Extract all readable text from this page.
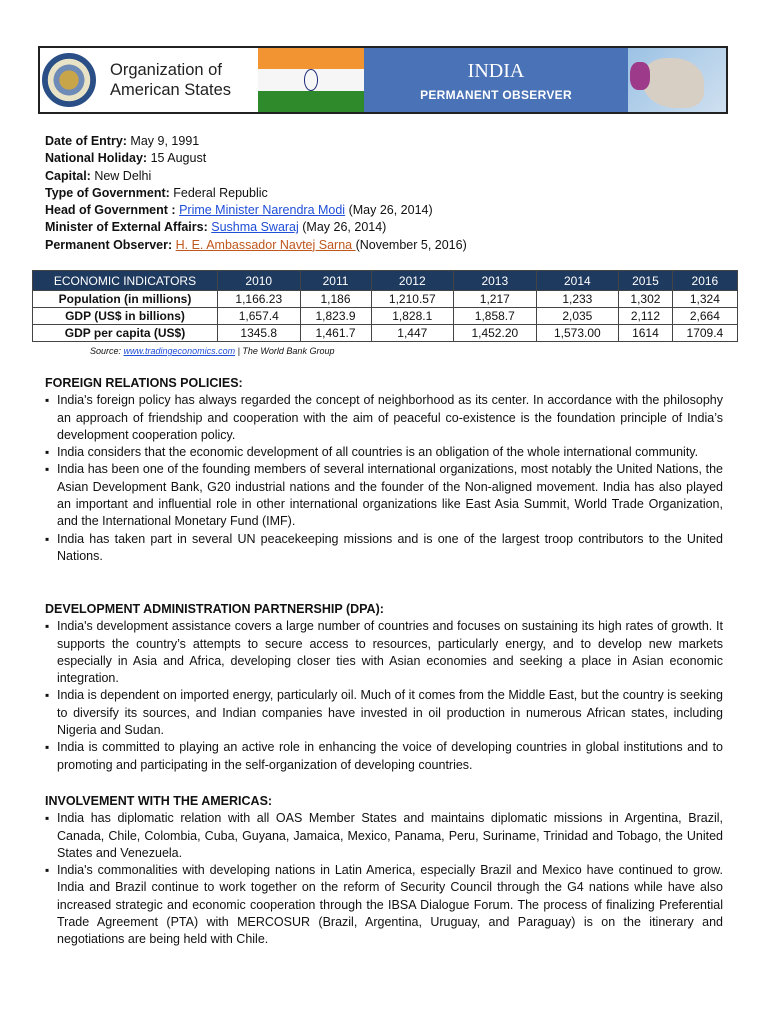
Organization of
American States
INDIA
PERMANENT OBSERVER
Date of Entry: May 9, 1991
National Holiday: 15 August
Capital: New Delhi
Type of Government: Federal Republic
Head of Government : Prime Minister Narendra Modi (May 26, 2014)
Minister of External Affairs: Sushma Swaraj (May 26, 2014)
Permanent Observer: H. E. Ambassador Navtej Sarna (November 5, 2016)
ECONOMIC INDICATORS	2010	2011	2012	2013	2014	2015	2016
Population (in millions)	1,166.23	1,186	1,210.57	1,217	1,233	1,302	1,324
GDP (US$ in billions)	1,657.4	1,823.9	1,828.1	1,858.7	2,035	2,112	2,664
GDP per capita (US$)	1345.8	1,461.7	1,447	1,452.20	1,573.00	1614	1709.4
Source: www.tradingeconomics.com | The World Bank Group
FOREIGN RELATIONS POLICIES:
▪ India's foreign policy has always regarded the concept of neighborhood as its center. In accordance with the philosophy an approach of friendship and cooperation with the aim of peaceful co-existence is the foundation principle of India’s development cooperation policy.
▪ India considers that the economic development of all countries is an obligation of the whole international community.
▪ India has been one of the founding members of several international organizations, most notably the United Nations, the Asian Development Bank, G20 industrial nations and the founder of the Non-aligned movement. India has also played an important and influential role in other international organizations like East Asia Summit, World Trade Organization, and the International Monetary Fund (IMF).
▪ India has taken part in several UN peacekeeping missions and is one of the largest troop contributors to the United Nations.
DEVELOPMENT ADMINISTRATION PARTNERSHIP (DPA):
▪ India's development assistance covers a large number of countries and focuses on sustaining its high rates of growth. It supports the country’s attempts to secure access to resources, particularly energy, and to develop new markets especially in Asia and Africa, developing closer ties with Asian economies and seeking a place in Asian economic integration.
▪ India is dependent on imported energy, particularly oil. Much of it comes from the Middle East, but the country is seeking to diversify its sources, and Indian companies have invested in oil production in numerous African states, including Nigeria and Sudan.
▪ India is committed to playing an active role in enhancing the voice of developing countries in global institutions and to promoting and participating in the self-organization of developing countries.
INVOLVEMENT WITH THE AMERICAS:
▪ India has diplomatic relation with all OAS Member States and maintains diplomatic missions in Argentina, Brazil, Canada, Chile, Colombia, Cuba, Guyana, Jamaica, Mexico, Panama, Peru, Suriname, Trinidad and Tobago, the United States and Venezuela.
▪ India's commonalities with developing nations in Latin America, especially Brazil and Mexico have continued to grow. India and Brazil continue to work together on the reform of Security Council through the G4 nations while have also increased strategic and economic cooperation through the IBSA Dialogue Forum. The process of finalizing Preferential Trade Agreement (PTA) with MERCOSUR (Brazil, Argentina, Uruguay, and Paraguay) is on the itinerary and negotiations are being held with Chile.
